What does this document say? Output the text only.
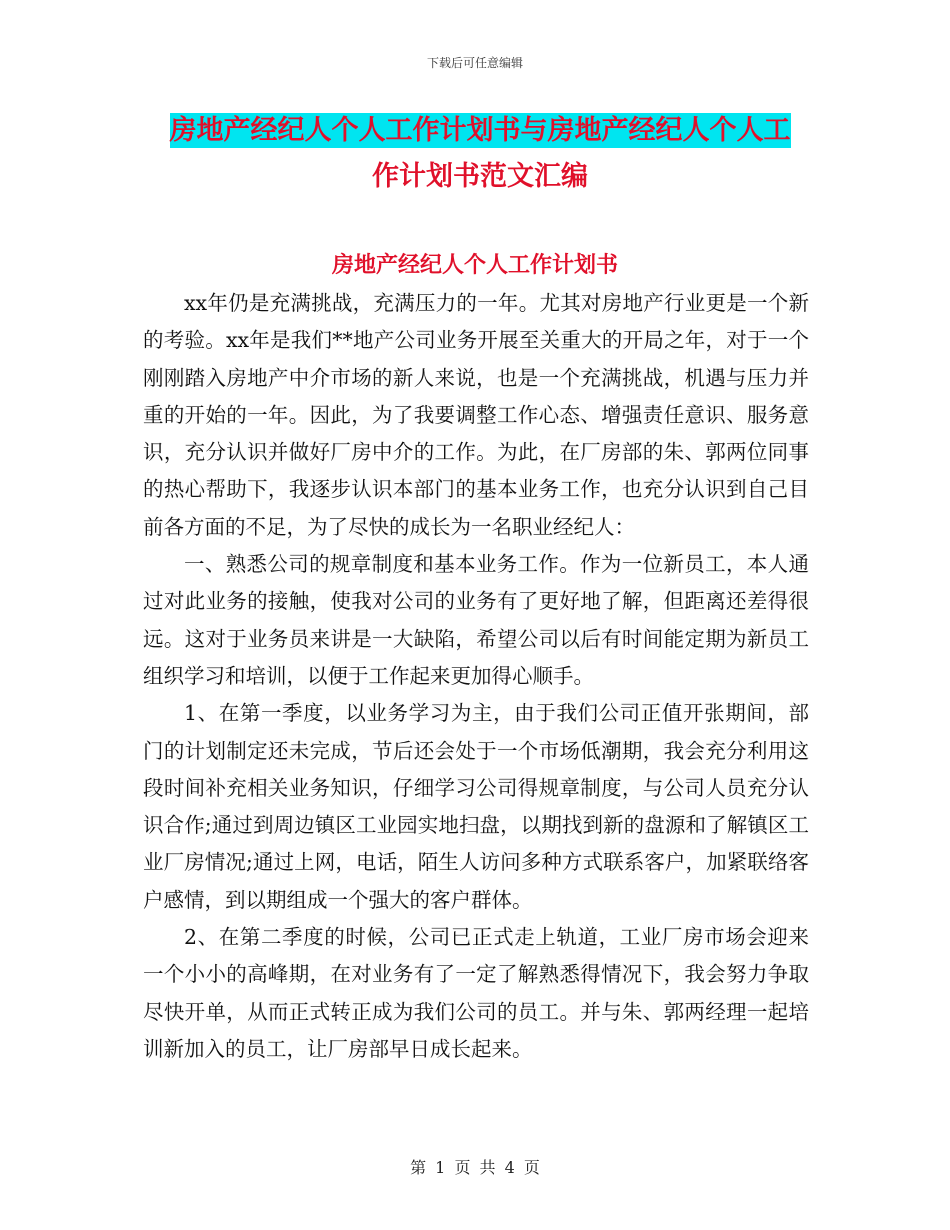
下载后可任意编辑
房地产经纪人个人工作计划书与房地产经纪人个人工
作计划书范文汇编
房地产经纪人个人工作计划书

xx年仍是充满挑战，充满压力的一年。尤其对房地产行业更是一个新的考验。xx年是我们**地产公司业务开展至关重大的开局之年，对于一个刚刚踏入房地产中介市场的新人来说，也是一个充满挑战，机遇与压力并重的开始的一年。因此，为了我要调整工作心态、增强责任意识、服务意识，充分认识并做好厂房中介的工作。为此，在厂房部的朱、郭两位同事的热心帮助下，我逐步认识本部门的基本业务工作，也充分认识到自己目前各方面的不足，为了尽快的成长为一名职业经纪人：

一、熟悉公司的规章制度和基本业务工作。作为一位新员工，本人通过对此业务的接触，使我对公司的业务有了更好地了解，但距离还差得很远。这对于业务员来讲是一大缺陷，希望公司以后有时间能定期为新员工组织学习和培训，以便于工作起来更加得心顺手。

1、在第一季度，以业务学习为主，由于我们公司正值开张期间，部门的计划制定还未完成，节后还会处于一个市场低潮期，我会充分利用这段时间补充相关业务知识，仔细学习公司得规章制度，与公司人员充分认识合作;通过到周边镇区工业园实地扫盘，以期找到新的盘源和了解镇区工业厂房情况;通过上网，电话，陌生人访问多种方式联系客户，加紧联络客户感情，到以期组成一个强大的客户群体。

2、在第二季度的时候，公司已正式走上轨道，工业厂房市场会迎来一个小小的高峰期，在对业务有了一定了解熟悉得情况下，我会努力争取尽快开单，从而正式转正成为我们公司的员工。并与朱、郭两经理一起培训新加入的员工，让厂房部早日成长起来。

第 1 页 共 4 页
